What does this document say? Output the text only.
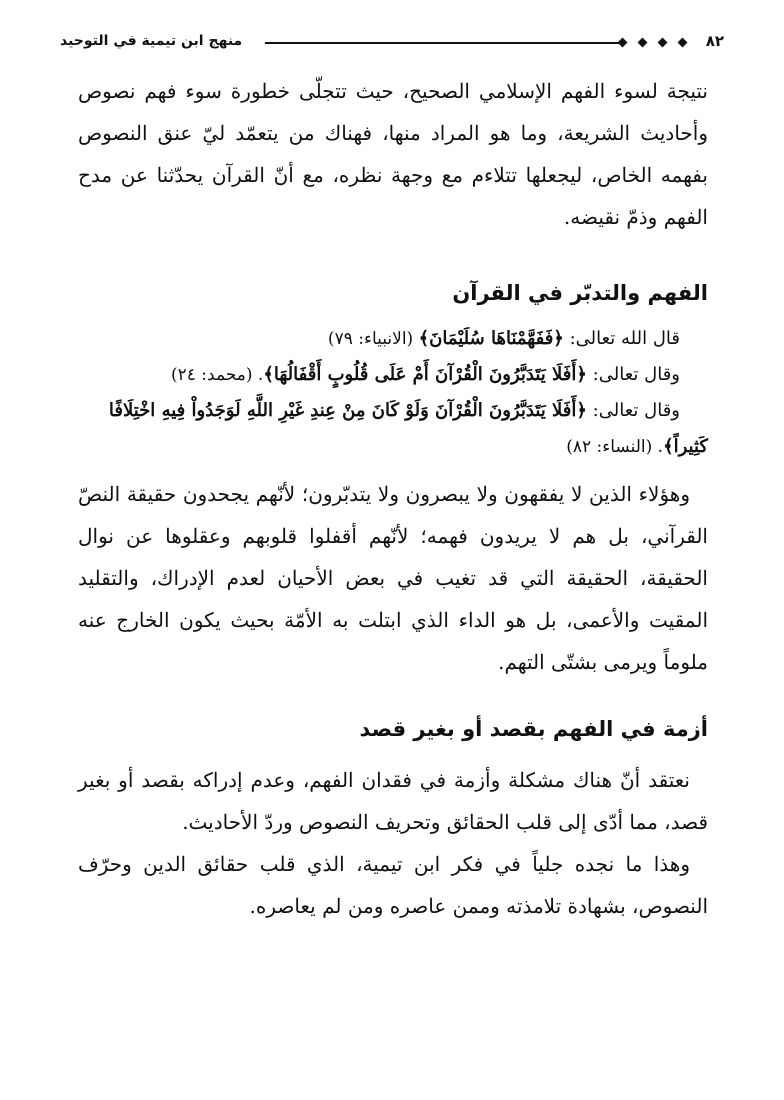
منهج ابن تيمية في التوحيد	٨٢

نتيجة لسوء الفهم الإسلامي الصحيح، حيث تتجلّى خطورة سوء فهم نصوص وأحاديث الشريعة، وما هو المراد منها، فهناك من يتعمّد ليّ عنق النصوص بفهمه الخاص، ليجعلها تتلاءم مع وجهة نظره، مع أنّ القرآن يحدّثنا عن مدح الفهم وذمّ نقيضه.

الفهم والتدبّر في القرآن

قال الله تعالى: ﴿فَفَهَّمْنَاهَا سُلَيْمَانَ﴾ (الانبياء: ٧٩)

وقال تعالى: ﴿أَفَلَا يَتَدَبَّرُونَ الْقُرْآنَ أَمْ عَلَى قُلُوبٍ أَقْفَالُهَا﴾. (محمد: ٢٤)

وقال تعالى: ﴿أَفَلَا يَتَدَبَّرُونَ الْقُرْآنَ وَلَوْ كَانَ مِنْ عِندِ غَيْرِ اللَّهِ لَوَجَدُواْ فِيهِ اخْتِلَافًا

كَثِيراً﴾. (النساء: ٨٢)

وهؤلاء الذين لا يفقهون ولا يبصرون ولا يتدبّرون؛ لأنّهم يجحدون حقيقة النصّ القرآني، بل هم لا يريدون فهمه؛ لأنّهم أقفلوا قلوبهم وعقلوها عن نوال الحقيقة، الحقيقة التي قد تغيب في بعض الأحيان لعدم الإدراك، والتقليد المقيت والأعمى، بل هو الداء الذي ابتلت به الأمّة بحيث يكون الخارج عنه ملوماً ويرمى بشتّى التهم.

أزمة في الفهم بقصد أو بغير قصد

نعتقد أنّ هناك مشكلة وأزمة في فقدان الفهم، وعدم إدراكه بقصد أو بغير قصد، مما أدّى إلى قلب الحقائق وتحريف النصوص وردّ الأحاديث.

وهذا ما نجده جلياً في فكر ابن تيمية، الذي قلب حقائق الدين وحرّف النصوص، بشهادة تلامذته وممن عاصره ومن لم يعاصره.
